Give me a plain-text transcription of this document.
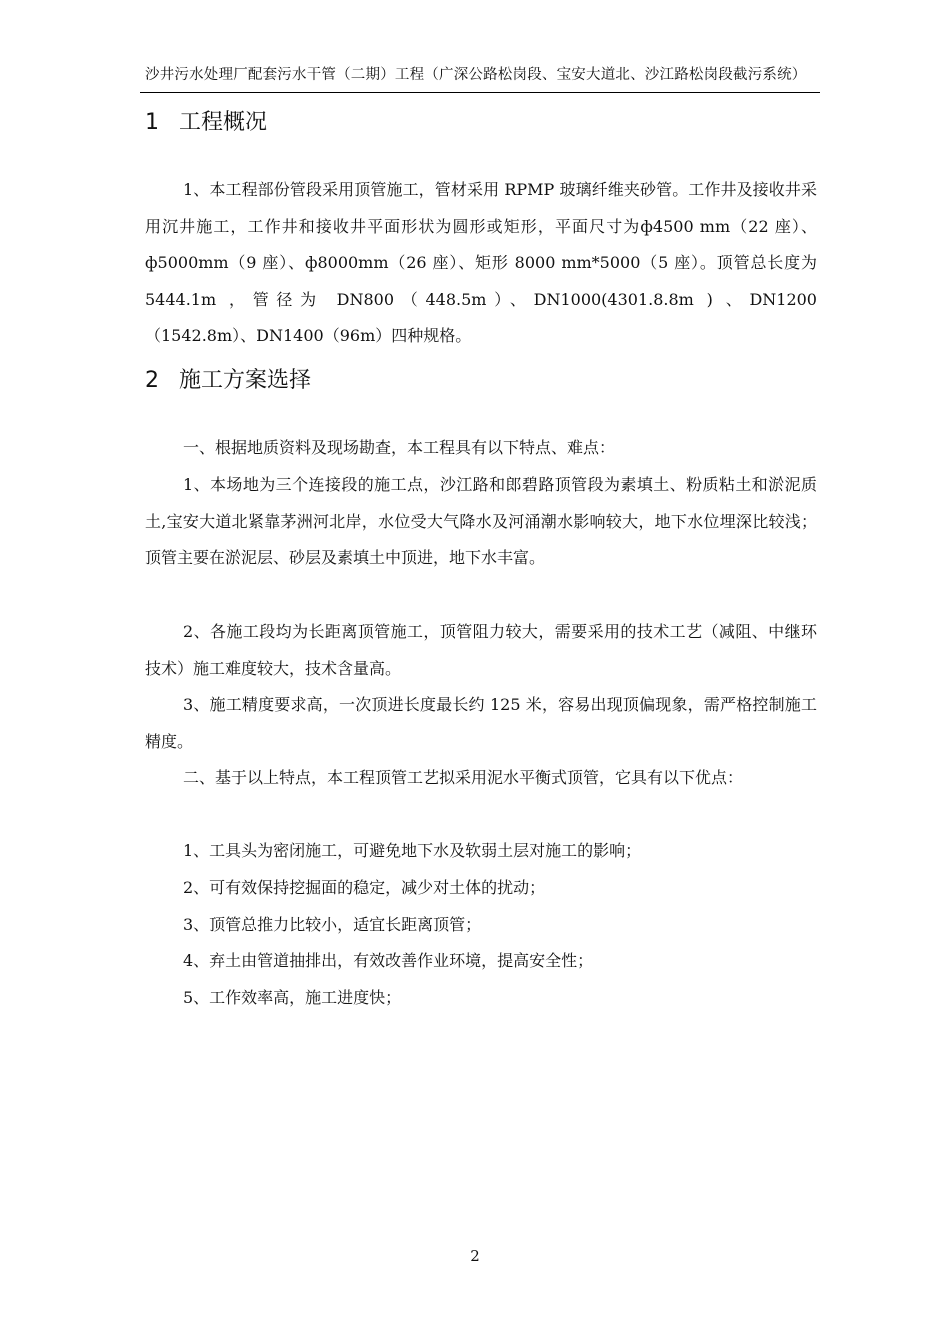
沙井污水处理厂配套污水干管（二期）工程（广深公路松岗段、宝安大道北、沙江路松岗段截污系统）
1 工程概况

1、本工程部份管段采用顶管施工，管材采用 RPMP 玻璃纤维夹砂管。工作井及接收井采用沉井施工，工作井和接收井平面形状为圆形或矩形，平面尺寸为ф4500 mm（22 座）、ф5000mm（9 座）、ф8000mm（26 座）、矩形 8000 mm*5000（5 座）。顶管总长度为 5444.1m ，管径为 DN800（448.5m）、DN1000(4301.8.8m ) 、DN1200（1542.8m）、DN1400（96m）四种规格。

2 施工方案选择

一、根据地质资料及现场勘查，本工程具有以下特点、难点：

1、本场地为三个连接段的施工点，沙江路和郎碧路顶管段为素填土、粉质粘土和淤泥质土,宝安大道北紧靠茅洲河北岸，水位受大气降水及河涌潮水影响较大，地下水位埋深比较浅；顶管主要在淤泥层、砂层及素填土中顶进，地下水丰富。

2、各施工段均为长距离顶管施工，顶管阻力较大，需要采用的技术工艺（减阻、中继环技术）施工难度较大，技术含量高。

3、施工精度要求高，一次顶进长度最长约 125 米，容易出现顶偏现象，需严格控制施工精度。

二、基于以上特点，本工程顶管工艺拟采用泥水平衡式顶管，它具有以下优点：

1、工具头为密闭施工，可避免地下水及软弱土层对施工的影响；

2、可有效保持挖掘面的稳定，减少对土体的扰动；

3、顶管总推力比较小，适宜长距离顶管；

4、弃土由管道抽排出，有效改善作业环境，提高安全性；

5、工作效率高，施工进度快；

2
